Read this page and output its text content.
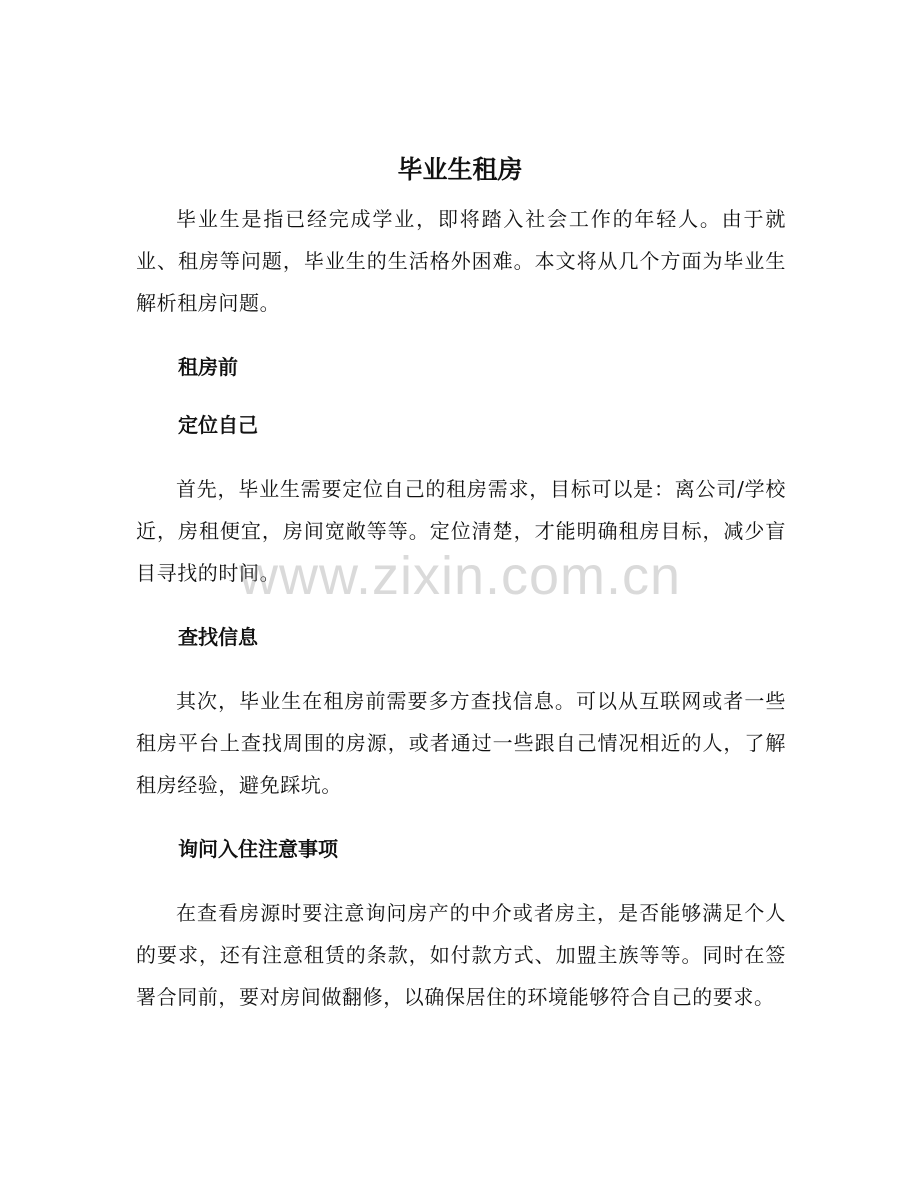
毕业生租房

毕业生是指已经完成学业，即将踏入社会工作的年轻人。由于就业、租房等问题，毕业生的生活格外困难。本文将从几个方面为毕业生解析租房问题。

租房前
定位自己

首先，毕业生需要定位自己的租房需求，目标可以是：离公司/学校近，房租便宜，房间宽敞等等。定位清楚，才能明确租房目标，减少盲目寻找的时间。

查找信息

其次，毕业生在租房前需要多方查找信息。可以从互联网或者一些租房平台上查找周围的房源，或者通过一些跟自己情况相近的人，了解租房经验，避免踩坑。

询问入住注意事项

在查看房源时要注意询问房产的中介或者房主，是否能够满足个人的要求，还有注意租赁的条款，如付款方式、加盟主族等等。同时在签署合同前，要对房间做翻修，以确保居住的环境能够符合自己的要求。

www.zixin.com.cn
